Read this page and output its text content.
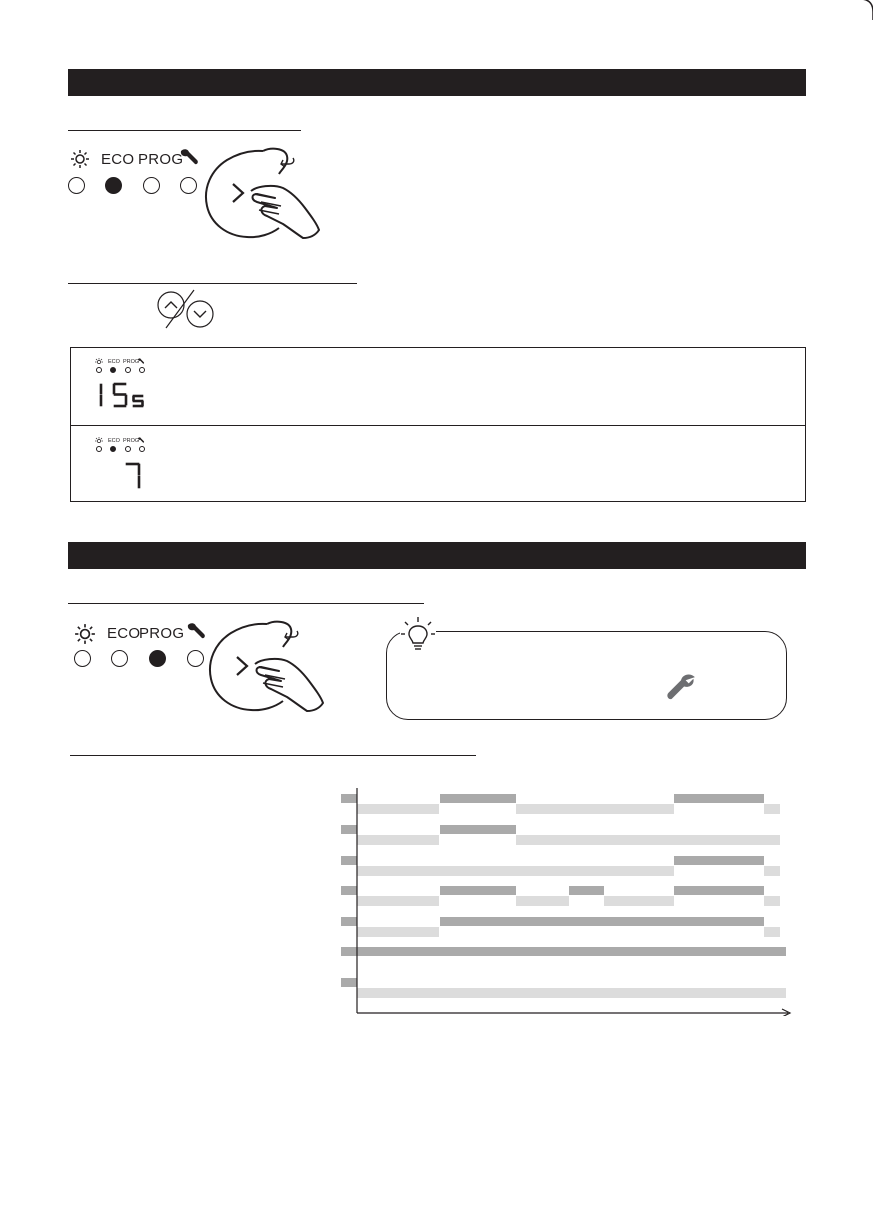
ECO PROG
ECO PROG
ECO PROG
ECO
PROG
